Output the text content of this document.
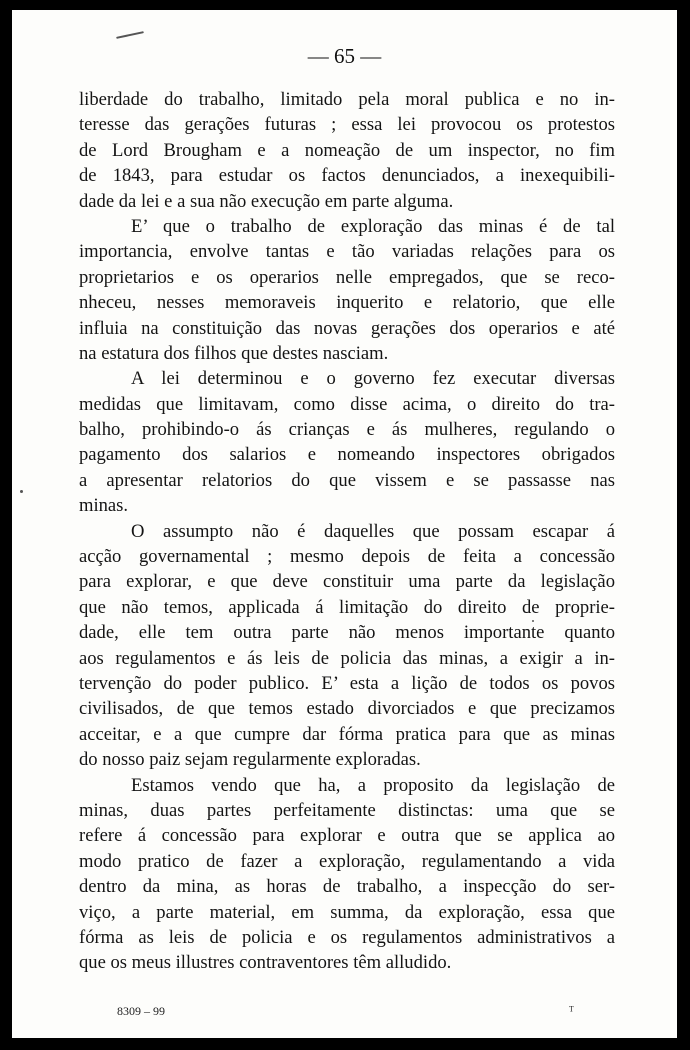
— 65 —
liberdade do trabalho, limitado pela moral publica e no in-
teresse das gerações futuras ; essa lei provocou os protestos
de Lord Brougham e a nomeação de um inspector, no fim
de 1843, para estudar os factos denunciados, a inexequibili-
dade da lei e a sua não execução em parte alguma.
E’ que o trabalho de exploração das minas é de tal
importancia, envolve tantas e tão variadas relações para os
proprietarios e os operarios nelle empregados, que se reco-
nheceu, nesses memoraveis inquerito e relatorio, que elle
influia na constituição das novas gerações dos operarios e até
na estatura dos filhos que destes nasciam.
A lei determinou e o governo fez executar diversas
medidas que limitavam, como disse acima, o direito do tra-
balho, prohibindo-o ás crianças e ás mulheres, regulando o
pagamento dos salarios e nomeando inspectores obrigados
a apresentar relatorios do que vissem e se passasse nas
minas.
O assumpto não é daquelles que possam escapar á
acção governamental ; mesmo depois de feita a concessão
para explorar, e que deve constituir uma parte da legislação
que não temos, applicada á limitação do direito de proprie-
dade, elle tem outra parte não menos importante quanto
aos regulamentos e ás leis de policia das minas, a exigir a in-
tervenção do poder publico. E’ esta a lição de todos os povos
civilisados, de que temos estado divorciados e que precizamos
acceitar, e a que cumpre dar fórma pratica para que as minas
do nosso paiz sejam regularmente exploradas.
Estamos vendo que ha, a proposito da legislação de
minas, duas partes perfeitamente distinctas: uma que se
refere á concessão para explorar e outra que se applica ao
modo pratico de fazer a exploração, regulamentando a vida
dentro da mina, as horas de trabalho, a inspecção do ser-
viço, a parte material, em summa, da exploração, essa que
fórma as leis de policia e os regulamentos administrativos a
que os meus illustres contraventores têm alludido.
8309 – 99	ᵀ
